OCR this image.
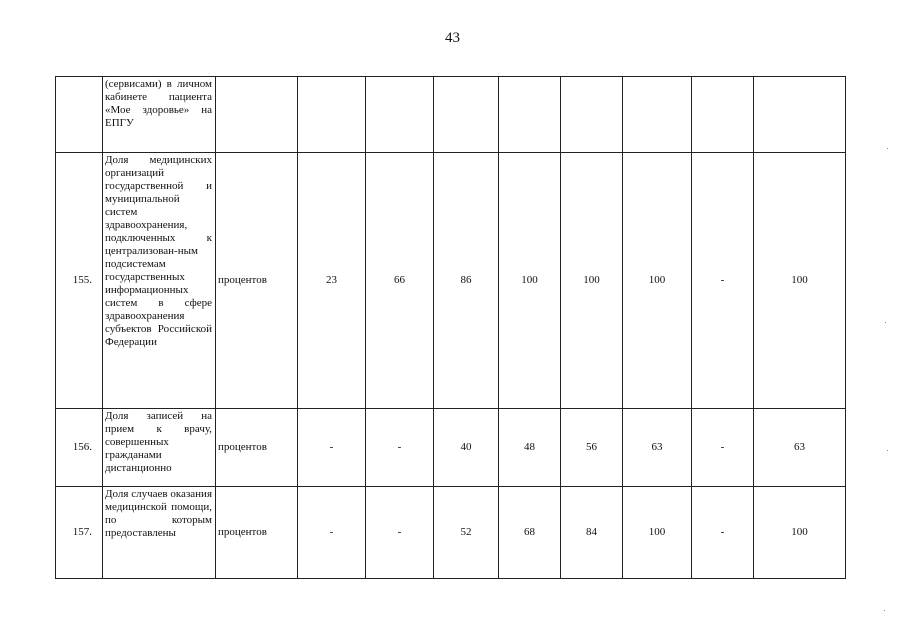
43
	(сервисами) в личном кабинете пациента «Мое здоровье» на ЕПГУ									
155.	Доля медицинских организаций государственной и муниципальной систем здравоохранения, подключенных к централизован-ным подсистемам государственных информационных систем в сфере здравоохранения субъектов Российской Федерации	процентов	23	66	86	100	100	100	-	100
156.	Доля записей на прием к врачу, совершенных гражданами дистанционно	процентов	-	-	40	48	56	63	-	63
157.	Доля случаев оказания медицинской помощи, по которым предоставлены	процентов	-	-	52	68	84	100	-	100
